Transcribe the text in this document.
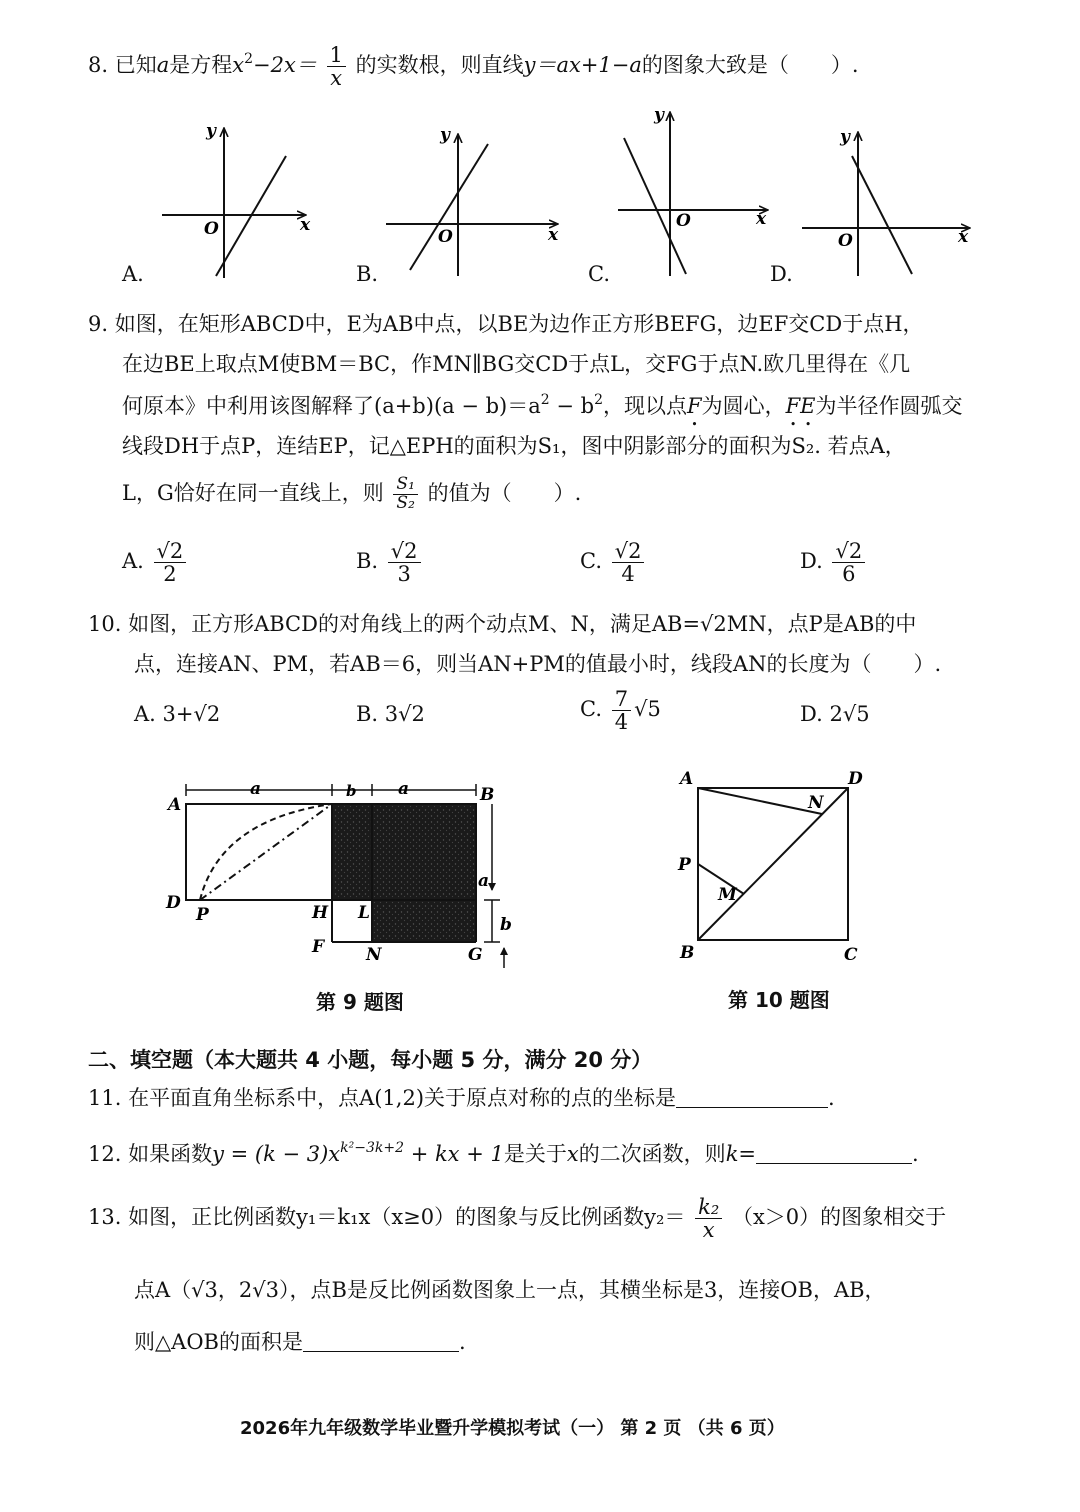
8. 已知a是方程$x^2-2x= \frac{1}{x}$ 的实数根，则直线y＝ax+1−a的图象大致是（　　）.
y
x
O
y
x
O
y
x
O
y
x
O
A.	B.	C.	D.
9. 如图，在矩形ABCD中，E为AB中点，以BE为边作正方形BEFG，边EF交CD于点H，
在边BE上取点M使BM＝BC，作MN∥BG交CD于点L，交FG于点N.欧几里得在《几
何原本》中利用该图解释了$(a+b)(a - b)=a^2 - b^2$，现以点F为圆心，FE为半径作圆弧交
线段DH于点P，连结EP，记△EPH的面积为S₁，图中阴影部分的面积为S₂. 若点A，
L，G恰好在同一直线上，则 $\frac{\text{S₁}}{\text{S₂}}$ 的值为（　　）.
A. $\frac{√2}{2}$	B. $\frac{√2}{3}$	C. $\frac{√2}{4}$	D. $\frac{√2}{6}$
10. 如图，正方形ABCD的对角线上的两个动点M、N，满足AB=√2MN，点P是AB的中
点，连接AN、PM，若AB＝6，则当AN+PM的值最小时，线段AN的长度为（　　）.
A. 3+√2	B. 3√2	C. $\frac{7}{4} √5$	D. 2√5
a	b a
a
b
A	B
D
P	H L
F N	G
第 9 题图
A	D
N
P
M
B	C
第 10 题图
二、填空题（本大题共 4 小题，每小题 5 分，满分 20 分）
11. 在平面直角坐标系中，点A(1,2)关于原点对称的点的坐标是	.
12. 如果函数$y = (k - 3)x^{k^2-3k+2}$ + kx + 1是关于x的二次函数，则k=	.
13. 如图，正比例函数y₁＝k₁x（x≥0）的图象与反比例函数$y_2= \frac{\text{k₂}}{x} (x>0)$的图象相交于
点A（√3，2√3），点B是反比例函数图象上一点，其横坐标是3，连接OB，AB，
则△AOB的面积是	.
2026年九年级数学毕业暨升学模拟考试（一） 第 2 页 （共 6 页）
